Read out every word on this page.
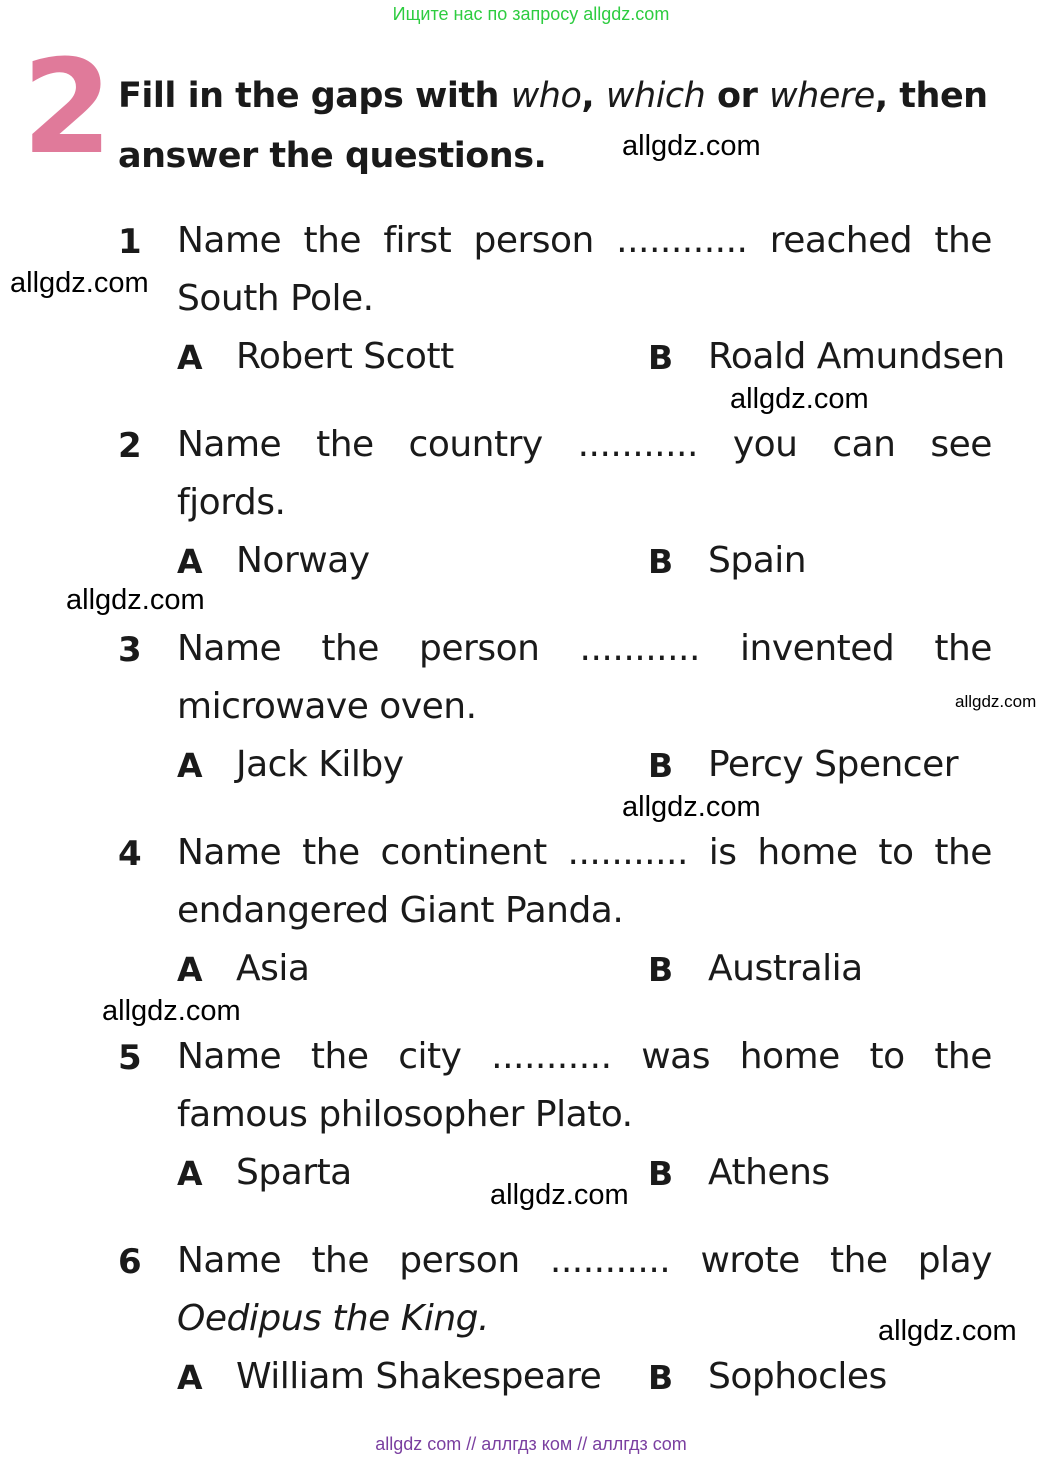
Ищите нас по запросу allgdz.com
2 Fill in the gaps with who, which or where, then
answer the questions.
1 Name the first person ............ reached the
South Pole.
A Robert Scott	B Roald Amundsen
2 Name the country ........... you can see
fjords.
A Norway	B Spain
3 Name the person ........... invented the
microwave oven.
A Jack Kilby	B Percy Spencer
4 Name the continent ........... is home to the
endangered Giant Panda.
A Asia	B Australia
5 Name the city ........... was home to the
famous philosopher Plato.
A Sparta	B Athens
6 Name the person ........... wrote the play
Oedipus the King.
A William Shakespeare B Sophocles
allgdz.com
allgdz.com
allgdz.com
allgdz.com
allgdz.com
allgdz.com
allgdz.com
allgdz.com
allgdz.com
allgdz com // аллгдз ком // аллгдз com
